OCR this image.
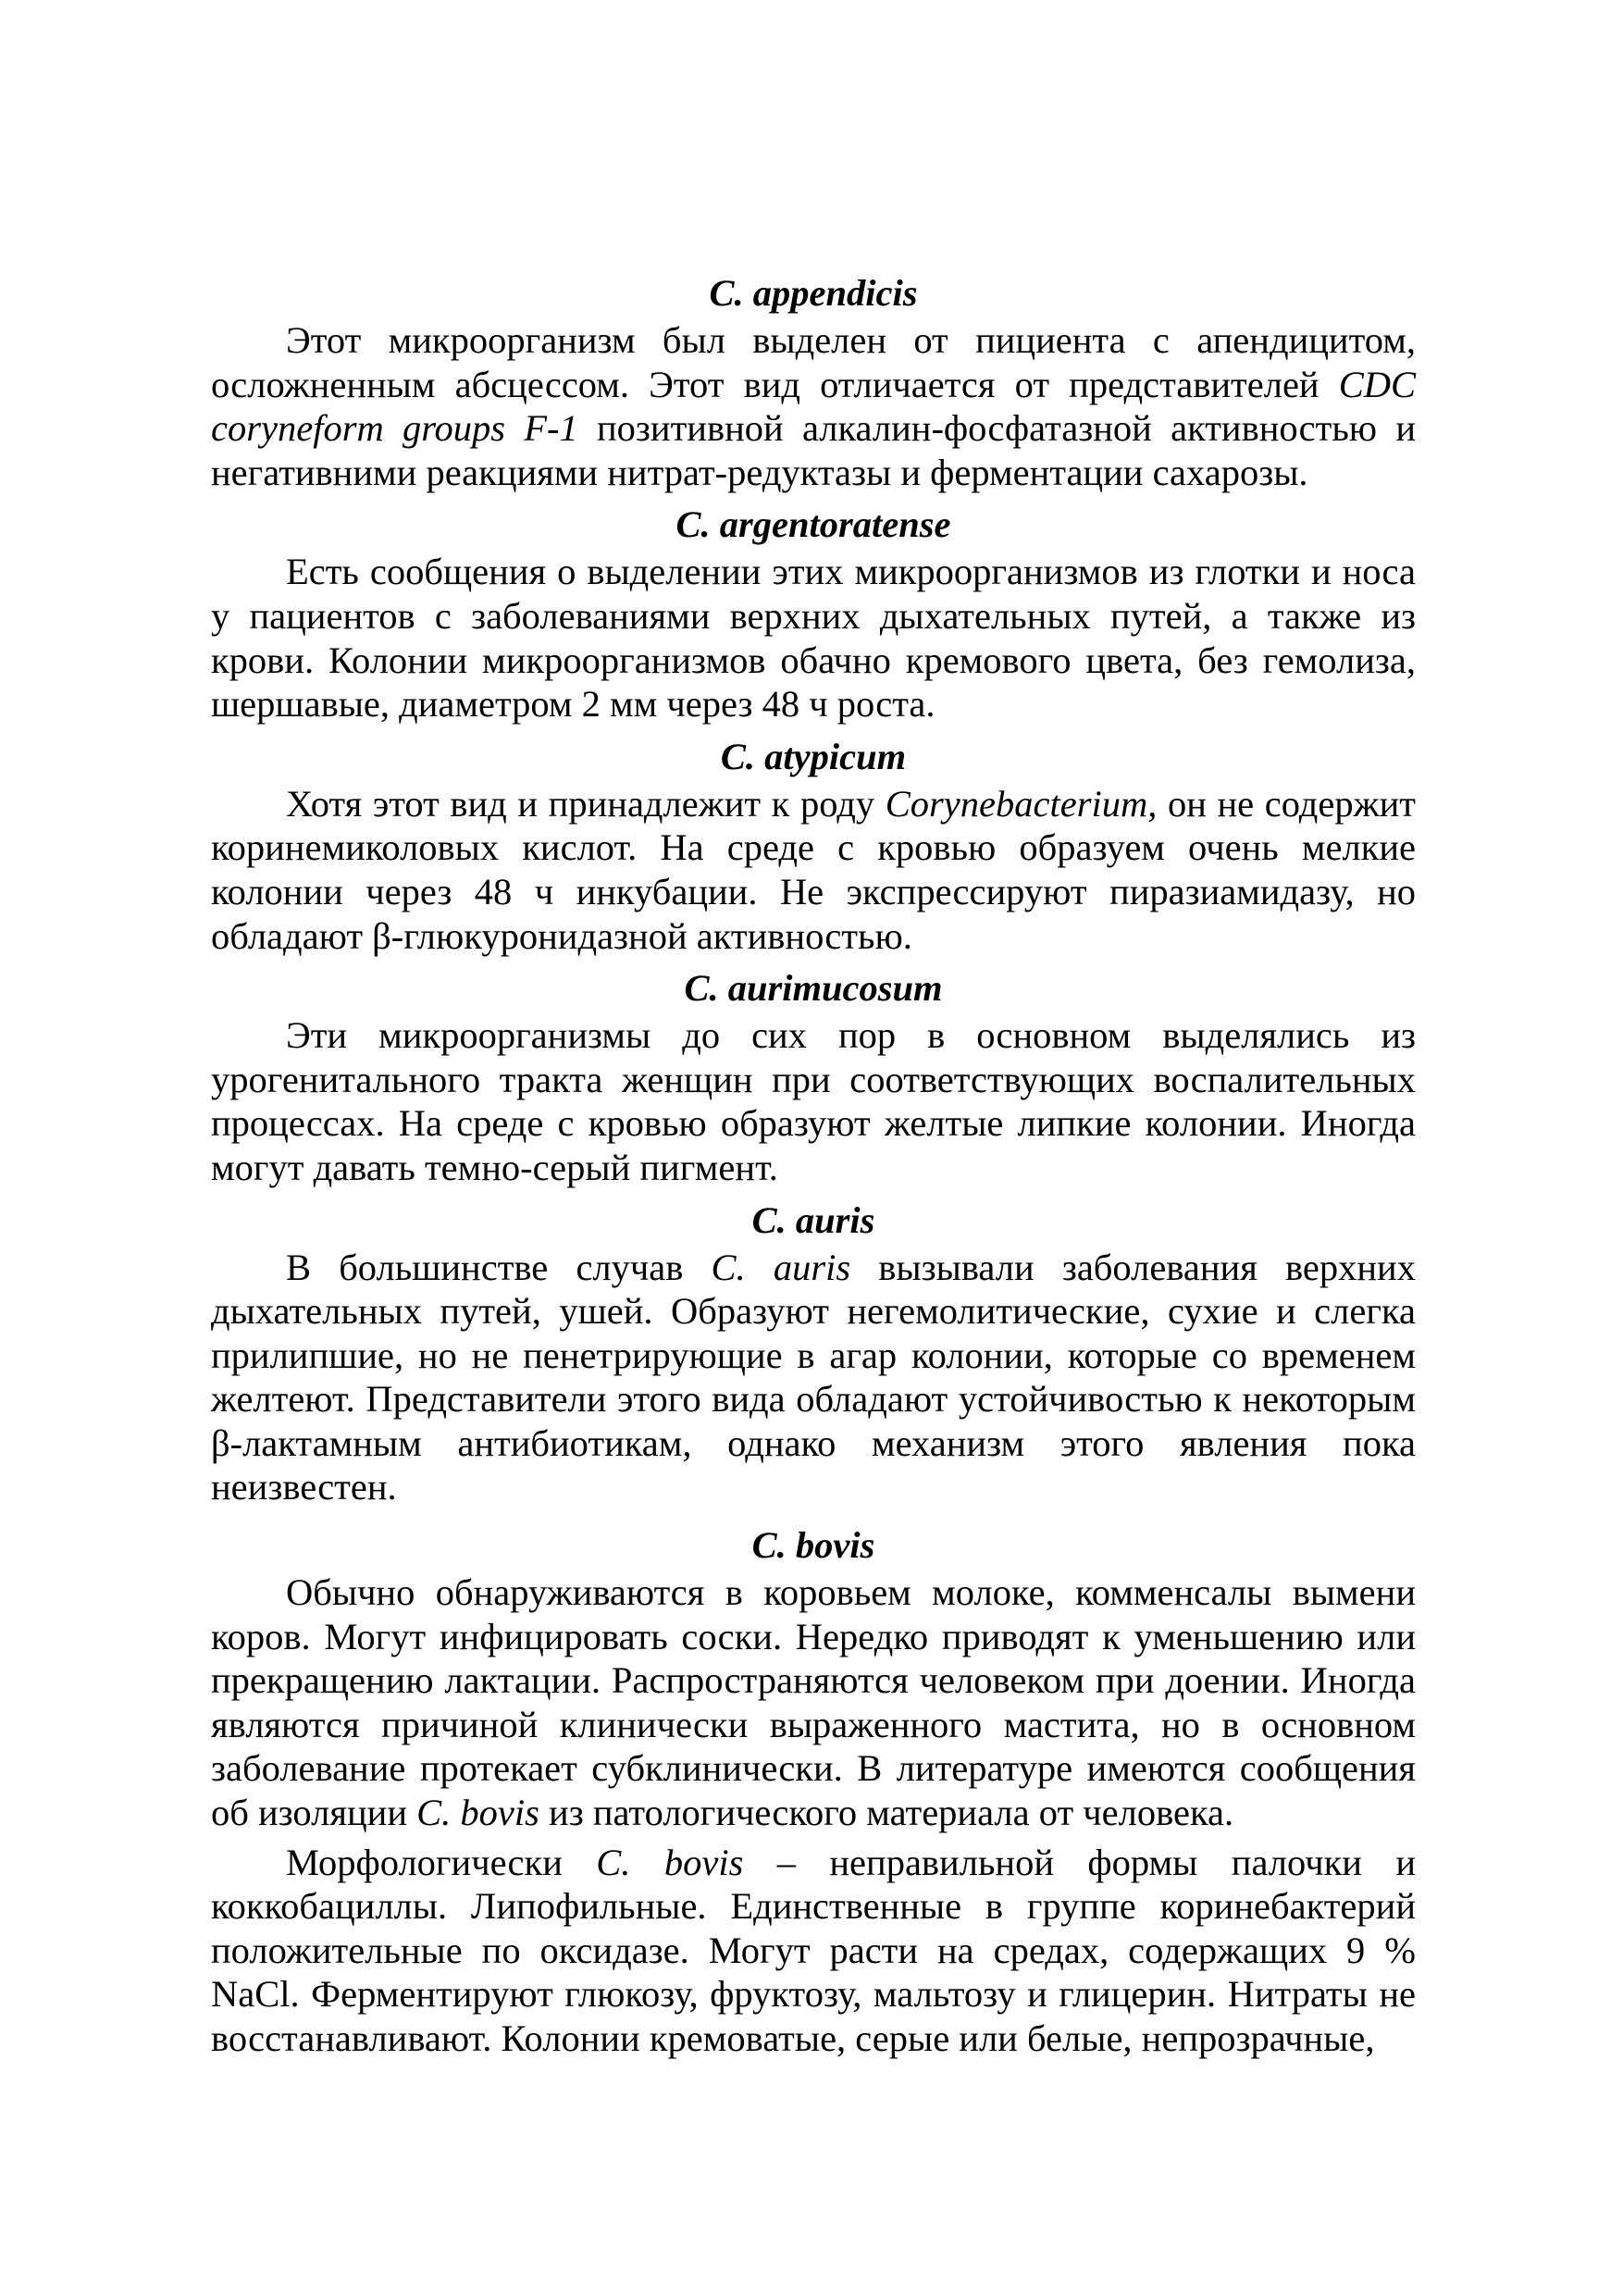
C. appendicis

Этот микроорганизм был выделен от пициента с апендицитом, осложненным абсцессом. Этот вид отличается от представителей CDC coryneform groups F-1 позитивной алкалин-фосфатазной активностью и негативними реакциями нитрат-редуктазы и ферментации сахарозы.

C. argentoratense

Есть сообщения о выделении этих микроорганизмов из глотки и носа у пациентов с заболеваниями верхних дыхательных путей, а также из крови. Колонии микроорганизмов обачно кремового цвета, без гемолиза, шершавые, диаметром 2 мм через 48 ч роста.

C. atypicum

Хотя этот вид и принадлежит к роду Corynebacterium, он не содержит коринемиколовых кислот. На среде с кровью образуем очень мелкие колонии через 48 ч инкубации. Не экспрессируют пиразиамидазу, но обладают β-глюкуронидазной активностью.

C. aurimucosum

Эти микроорганизмы до сих пор в основном выделялись из урогенитального тракта женщин при соответствующих воспалительных процессах. На среде с кровью образуют желтые липкие колонии. Иногда могут давать темно-серый пигмент.

C. auris

В большинстве случав C. auris вызывали заболевания верхних дыхательных путей, ушей. Образуют негемолитические, сухие и слегка прилипшие, но не пенетрирующие в агар колонии, которые со временем желтеют. Представители этого вида обладают устойчивостью к некоторым β-лактамным антибиотикам, однако механизм этого явления пока неизвестен.

C. bovis

Обычно обнаруживаются в коровьем молоке, комменсалы вымени коров. Могут инфицировать соски. Нередко приводят к уменьшению или прекращению лактации. Распространяются человеком при доении. Иногда являются причиной клинически выраженного мастита, но в основном заболевание протекает субклинически. В литературе имеются сообщения об изоляции C. bovis из патологического материала от человека.

Морфологически C. bovis – неправильной формы палочки и коккобациллы. Липофильные. Единственные в группе коринебактерий положительные по оксидазе. Могут расти на средах, содержащих 9 % NaCl. Ферментируют глюкозу, фруктозу, мальтозу и глицерин. Нитраты не восстанавливают. Колонии кремоватые, серые или белые, непрозрачные,
